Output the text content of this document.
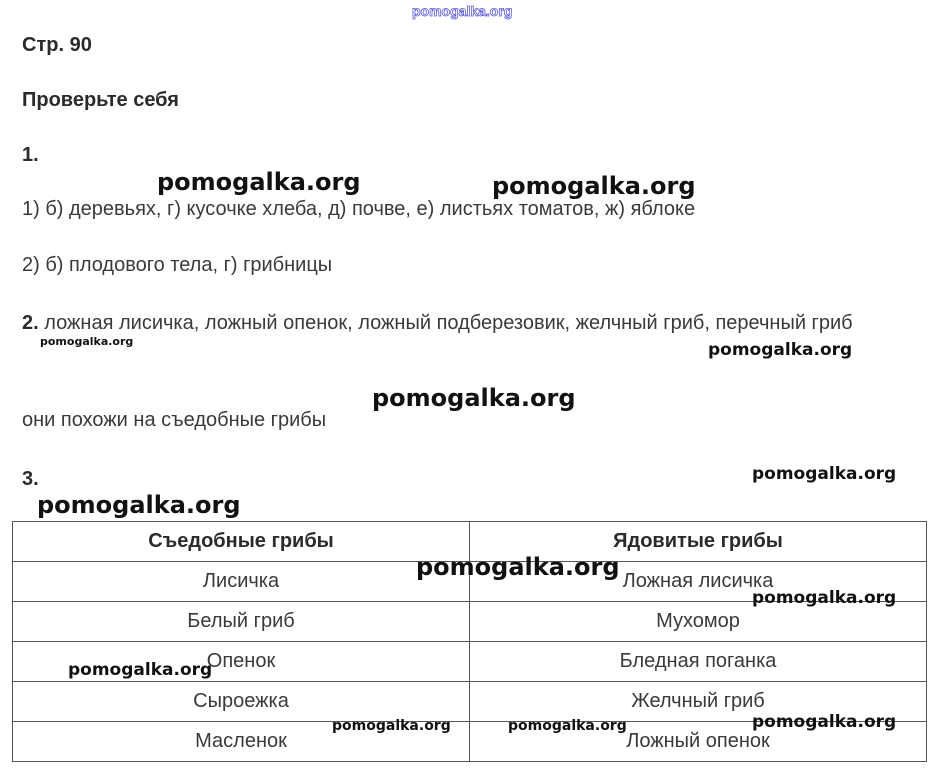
pomogalka.org
Стр. 90
Проверьте себя
1.
1) б) деревьях, г) кусочке хлеба, д) почве, е) листьях томатов, ж) яблоке
2) б) плодового тела, г) грибницы
2. ложная лисичка, ложный опенок, ложный подберезовик, желчный гриб, перечный гриб
они похожи на съедобные грибы
3.
Съедобные грибы	Ядовитые грибы
Лисичка	Ложная лисичка
Белый гриб	Мухомор
Опенок	Бледная поганка
Сыроежка	Желчный гриб
Масленок	Ложный опенок
pomogalka.org	pomogalka.org
pomogalka.org	pomogalka.org
pomogalka.org
pomogalka.org
pomogalka.org
pomogalka.org
pomogalka.org
pomogalka.org
pomogalka.org	pomogalka.org	pomogalka.org
